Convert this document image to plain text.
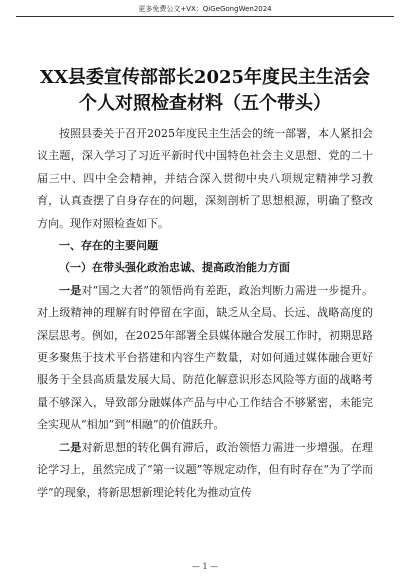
更多免费公文+VX：QiGeGongWen2024
XX县委宣传部部长2025年度民主生活会
个人对照检查材料（五个带头）

按照县委关于召开2025年度民主生活会的统一部署，本人紧扣会议主题，深入学习了习近平新时代中国特色社会主义思想、党的二十届三中、四中全会精神，并结合深入贯彻中央八项规定精神学习教育，认真查摆了自身存在的问题，深刻剖析了思想根源，明确了整改方向。现作对照检查如下。

一、存在的主要问题
（一）在带头强化政治忠诚、提高政治能力方面

一是对“国之大者”的领悟尚有差距，政治判断力需进一步提升。对上级精神的理解有时停留在字面，缺乏从全局、长远、战略高度的深层思考。例如，在2025年部署全县媒体融合发展工作时，初期思路更多聚焦于技术平台搭建和内容生产数量，对如何通过媒体融合更好服务于全县高质量发展大局、防范化解意识形态风险等方面的战略考量不够深入，导致部分融媒体产品与中心工作结合不够紧密，未能完全实现从“相加”到“相融”的价值跃升。

二是对新思想的转化偶有滞后，政治领悟力需进一步增强。在理论学习上，虽然完成了“第一议题”等规定动作，但有时存在“为了学而学”的现象，将新思想新理论转化为推动宣传

— 1 —
